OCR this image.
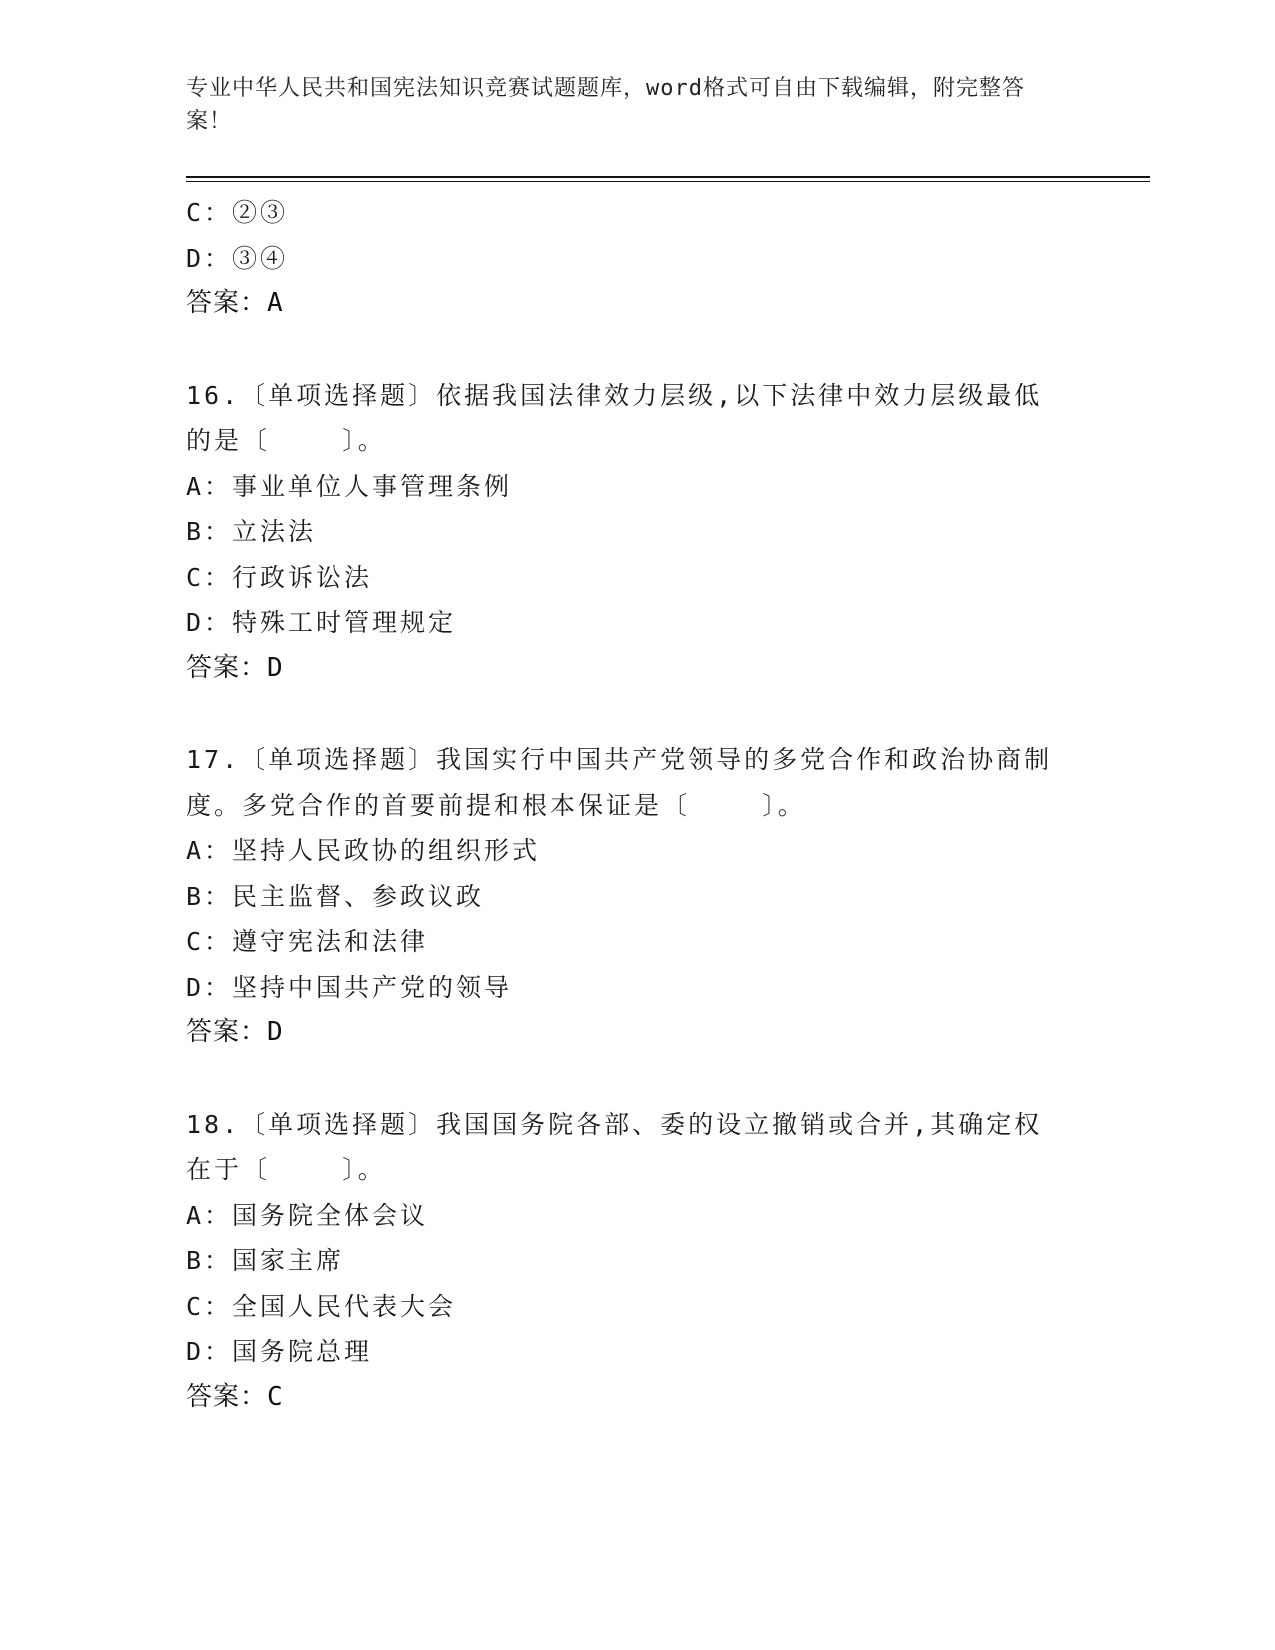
专业中华人民共和国宪法知识竞赛试题题库，word格式可自由下载编辑，附完整答案！
C：②③
D：③④
答案：A
16.〔单项选择题〕依据我国法律效力层级,以下法律中效力层级最低
的是〔    〕。
A：事业单位人事管理条例
B：立法法
C：行政诉讼法
D：特殊工时管理规定
答案：D
17.〔单项选择题〕我国实行中国共产党领导的多党合作和政治协商制
度。多党合作的首要前提和根本保证是〔    〕。
A：坚持人民政协的组织形式
B：民主监督、参政议政
C：遵守宪法和法律
D：坚持中国共产党的领导
答案：D
18.〔单项选择题〕我国国务院各部、委的设立撤销或合并,其确定权
在于〔    〕。
A：国务院全体会议
B：国家主席
C：全国人民代表大会
D：国务院总理
答案：C
